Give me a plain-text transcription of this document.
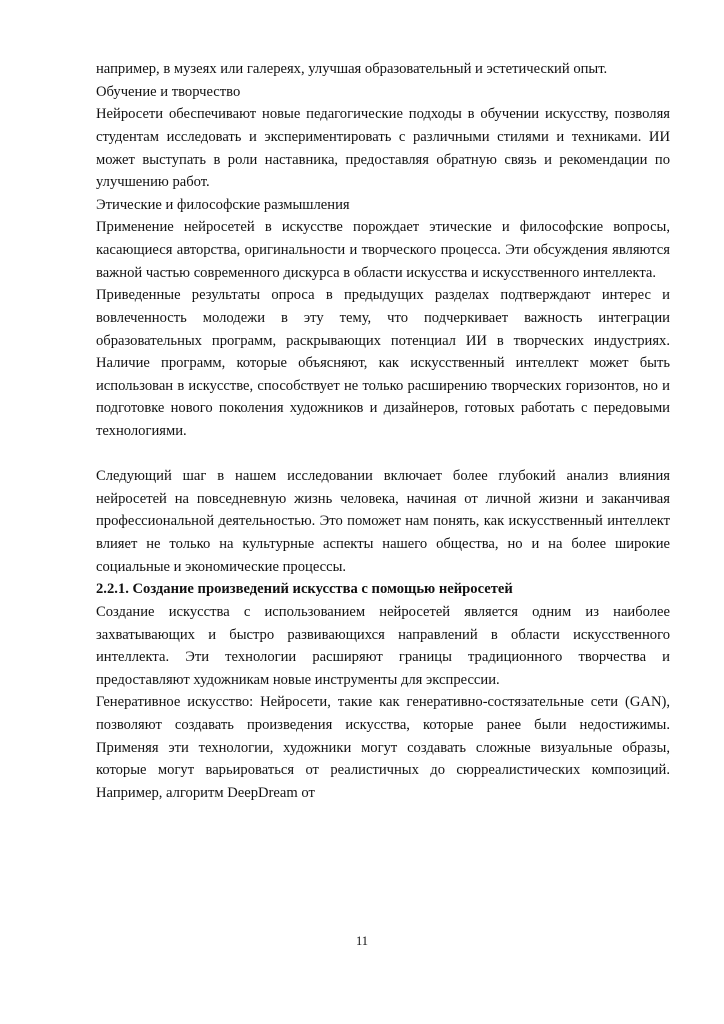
например, в музеях или галереях, улучшая образовательный и эстетический опыт.

Обучение и творчество

Нейросети обеспечивают новые педагогические подходы в обучении искусству, позволяя студентам исследовать и экспериментировать с различными стилями и техниками. ИИ может выступать в роли наставника, предоставляя обратную связь и рекомендации по улучшению работ.

Этические и философские размышления

Применение нейросетей в искусстве порождает этические и философские вопросы, касающиеся авторства, оригинальности и творческого процесса. Эти обсуждения являются важной частью современного дискурса в области искусства и искусственного интеллекта.

Приведенные результаты опроса в предыдущих разделах подтверждают интерес и вовлеченность молодежи в эту тему, что подчеркивает важность интеграции образовательных программ, раскрывающих потенциал ИИ в творческих индустриях. Наличие программ, которые объясняют, как искусственный интеллект может быть использован в искусстве, способствует не только расширению творческих горизонтов, но и подготовке нового поколения художников и дизайнеров, готовых работать с передовыми технологиями.

Следующий шаг в нашем исследовании включает более глубокий анализ влияния нейросетей на повседневную жизнь человека, начиная от личной жизни и заканчивая профессиональной деятельностью. Это поможет нам понять, как искусственный интеллект влияет не только на культурные аспекты нашего общества, но и на более широкие социальные и экономические процессы.

2.2.1. Создание произведений искусства с помощью нейросетей

Создание искусства с использованием нейросетей является одним из наиболее захватывающих и быстро развивающихся направлений в области искусственного интеллекта. Эти технологии расширяют границы традиционного творчества и предоставляют художникам новые инструменты для экспрессии.

Генеративное искусство: Нейросети, такие как генеративно-состязательные сети (GAN), позволяют создавать произведения искусства, которые ранее были недостижимы. Применяя эти технологии, художники могут создавать сложные визуальные образы, которые могут варьироваться от реалистичных до сюрреалистических композиций. Например, алгоритм DeepDream от

11
